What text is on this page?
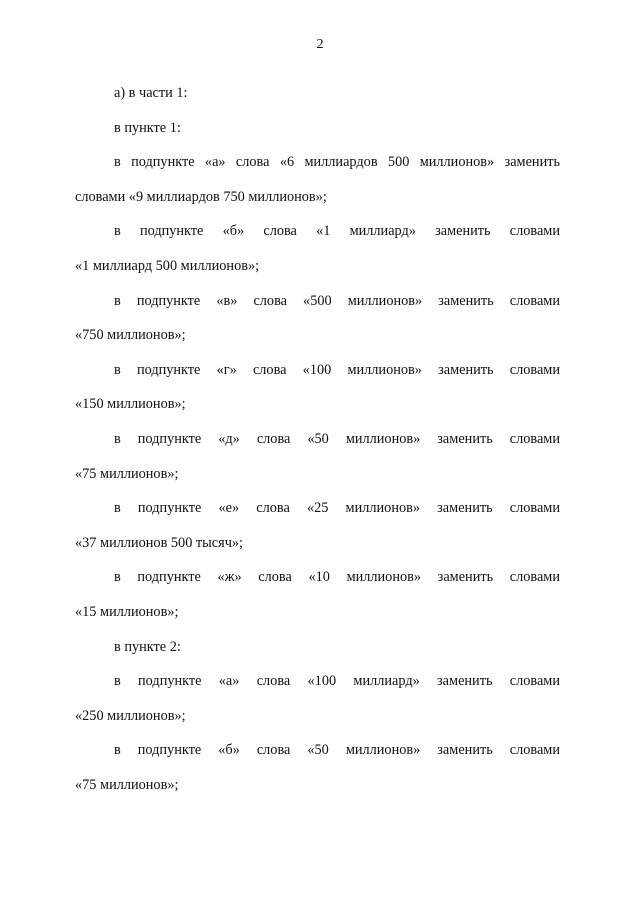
2
а) в части 1:
в пункте 1:
в подпункте «а» слова «6 миллиардов 500 миллионов» заменить
словами «9 миллиардов 750 миллионов»;
в подпункте «б» слова «1 миллиард» заменить словами
«1 миллиард 500 миллионов»;
в подпункте «в» слова «500 миллионов» заменить словами
«750 миллионов»;
в подпункте «г» слова «100 миллионов» заменить словами
«150 миллионов»;
в подпункте «д» слова «50 миллионов» заменить словами
«75 миллионов»;
в подпункте «е» слова «25 миллионов» заменить словами
«37 миллионов 500 тысяч»;
в подпункте «ж» слова «10 миллионов» заменить словами
«15 миллионов»;
в пункте 2:
в подпункте «а» слова «100 миллиард» заменить словами
«250 миллионов»;
в подпункте «б» слова «50 миллионов» заменить словами
«75 миллионов»;
